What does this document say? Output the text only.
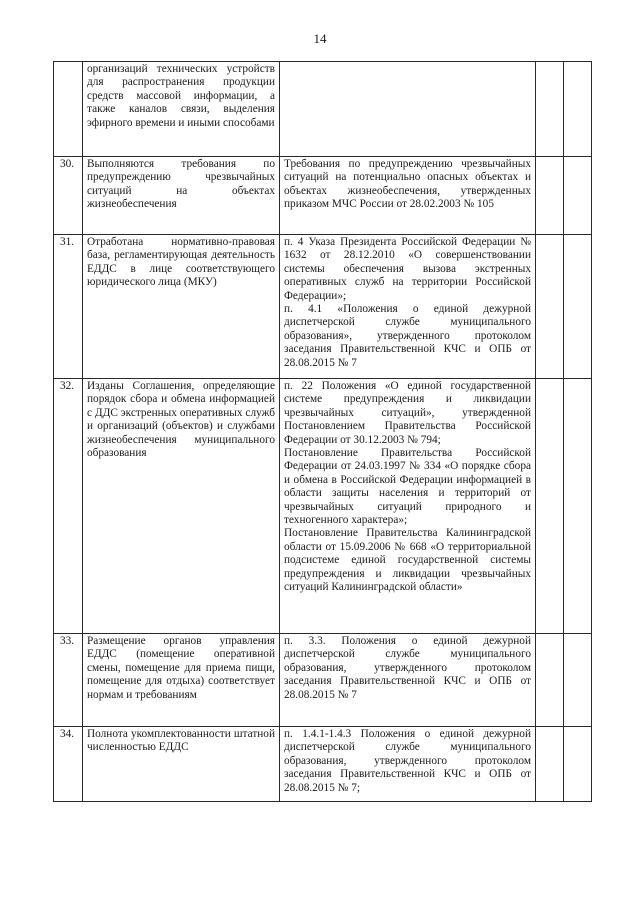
14
	организаций технических устройств для распространения продукции средств массовой информации, а также каналов связи, выделения эфирного времени и иными способами			
30.	Выполняются требования по предупреждению чрезвычайных ситуаций на объектах жизнеобеспечения	Требования по предупреждению чрезвычайных ситуаций на потенциально опасных объектах и объектах жизнеобеспечения, утвержденных приказом МЧС России от 28.02.2003 № 105		

31.	Отработана нормативно-правовая база, регламентирующая деятельность ЕДДС в лице соответствующего юридического лица (МКУ)	п. 4 Указа Президента Российской Федерации № 1632 от 28.12.2010 «О совершенствовании системы обеспечения вызова экстренных оперативных служб на территории Российской Федерации»;

п. 4.1 «Положения о единой дежурной диспетчерской службе муниципального образования», утвержденного протоколом заседания Правительственной КЧС и ОПБ от 28.08.2015 № 7		

32.	Изданы Соглашения, определяющие порядок сбора и обмена информацией с ДДС экстренных оперативных служб и организаций (объектов) и службами жизнеобеспечения муниципального образования	п. 22 Положения «О единой государственной системе предупреждения и ликвидации чрезвычайных ситуаций», утвержденной Постановлением Правительства Российской Федерации от 30.12.2003 № 794;

Постановление Правительства Российской Федерации от 24.03.1997 № 334 «О порядке сбора и обмена в Российской Федерации информацией в области защиты населения и территорий от чрезвычайных ситуаций природного и техногенного характера»;

Постановление Правительства Калининградской области от 15.09.2006 № 668 «О территориальной подсистеме единой государственной системы предупреждения и ликвидации чрезвычайных ситуаций Калининградской области»		

33.	Размещение органов управления ЕДДС (помещение оперативной смены, помещение для приема пищи, помещение для отдыха) соответствует нормам и требованиям	п. 3.3. Положения о единой дежурной диспетчерской службе муниципального образования, утвержденного протоколом заседания Правительственной КЧС и ОПБ от 28.08.2015 № 7		

34.	Полнота укомплектованности штатной численностью ЕДДС	п. 1.4.1-1.4.3 Положения о единой дежурной диспетчерской службе муниципального образования, утвержденного протоколом заседания Правительственной КЧС и ОПБ от 28.08.2015 № 7;		
